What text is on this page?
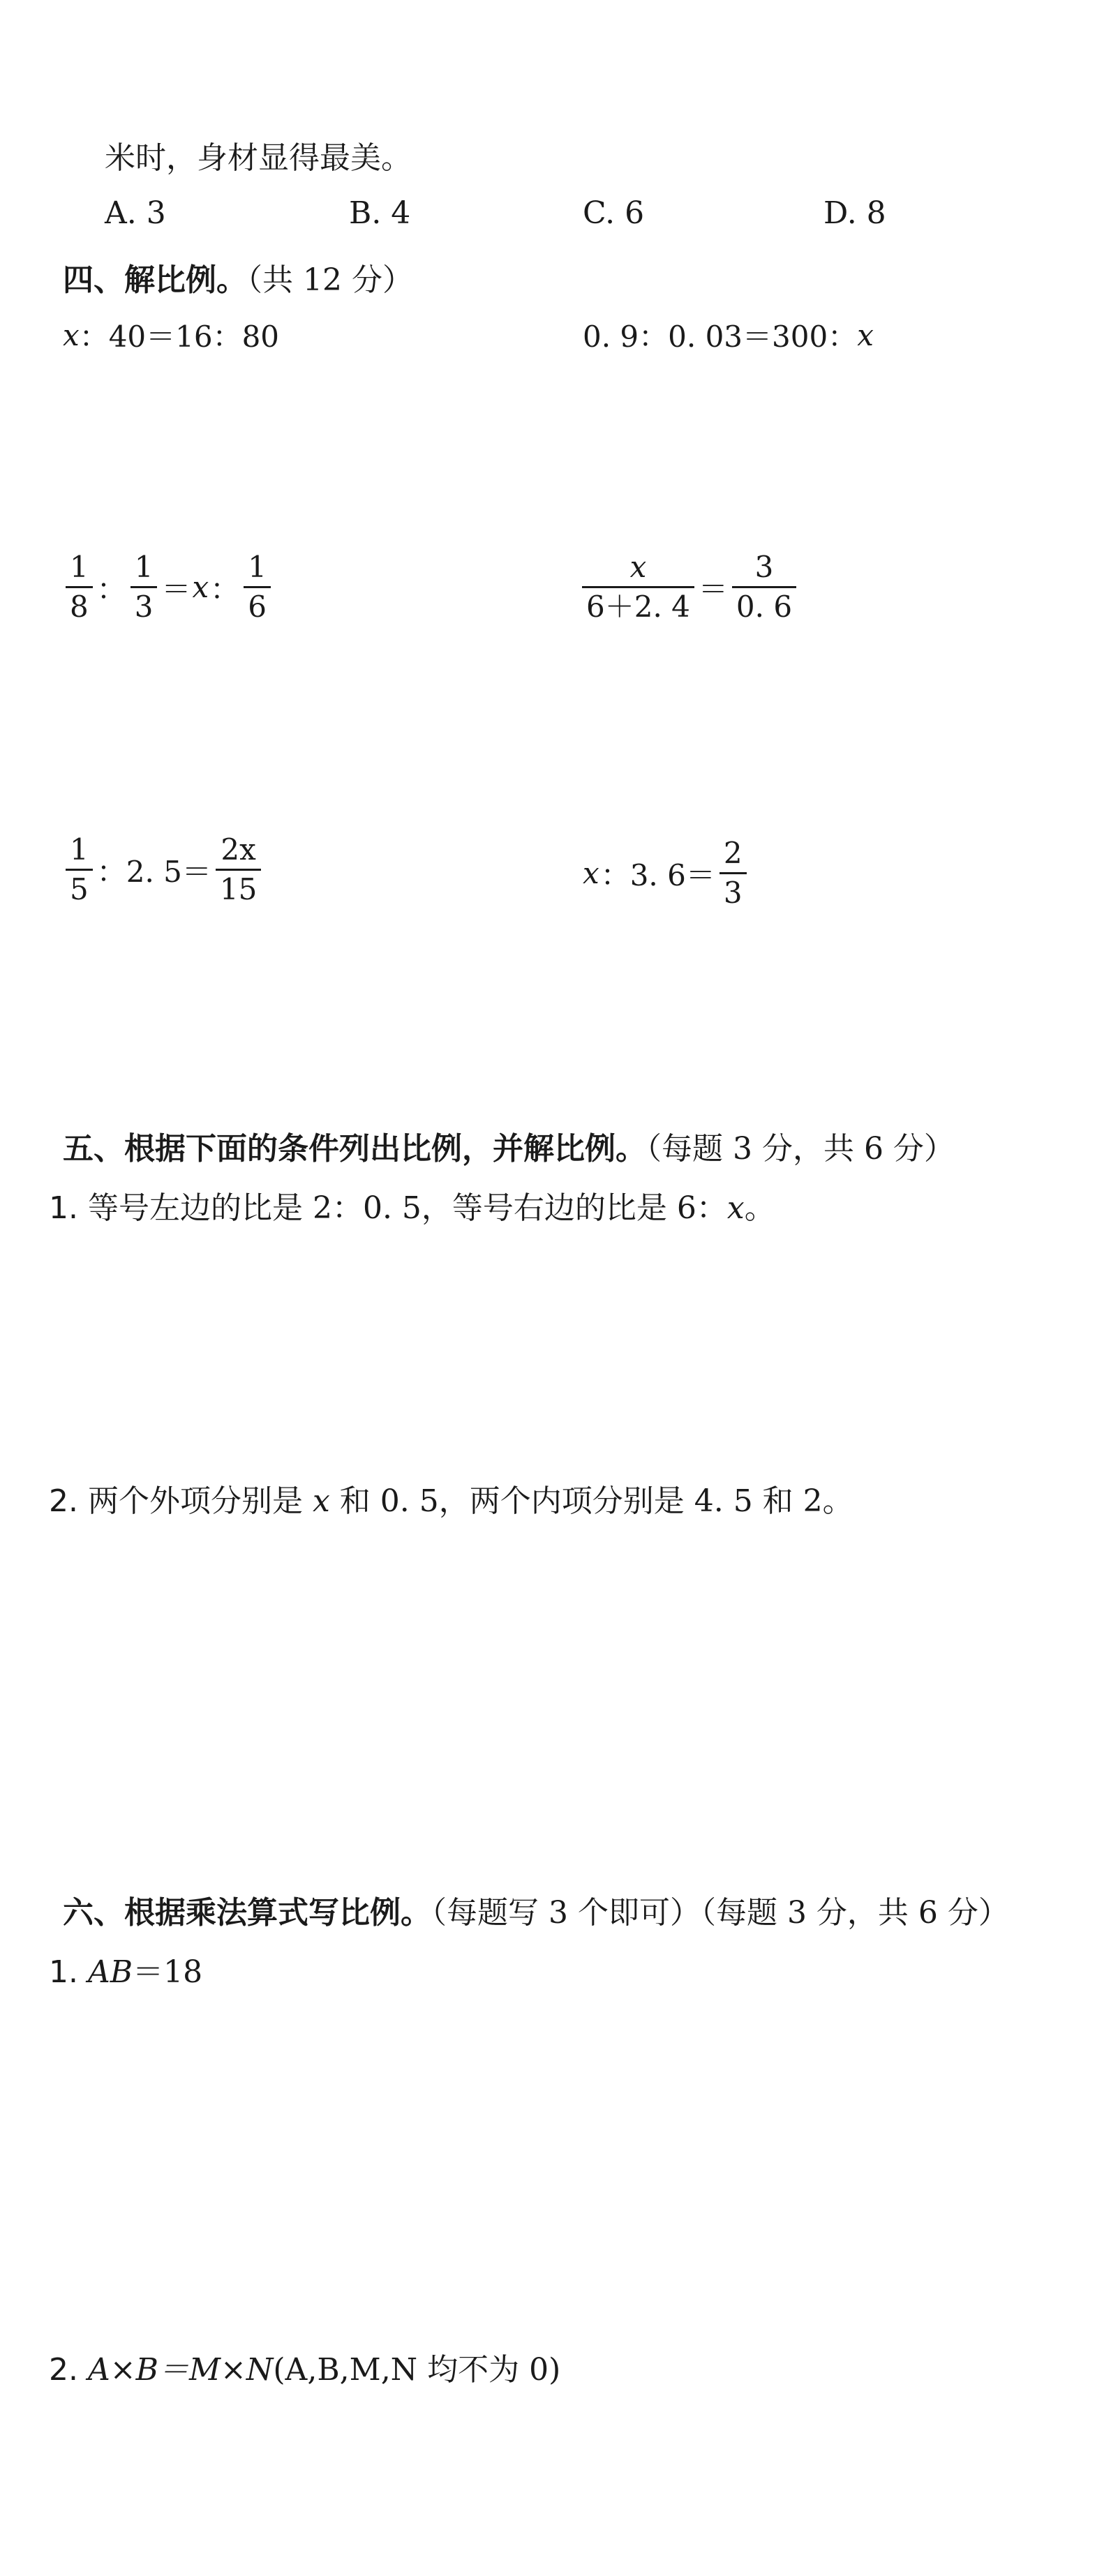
米时，身材显得最美。
A. 3	B. 4	C. 6	D. 8
四、解比例。（共 12 分）
x ：40＝16：80	0. 9：0. 03＝300： x
$\frac{1}{8}$ ： $\frac{1}{3} = x$ ： $\frac{1}{6}$	$\frac{x}{6+2. 4} = \frac{3}{0. 6}$
$\frac{1}{5}$ ：2. $5= \frac{2x}{15}$	x ：3. $6= \frac{2}{3}$
五、根据下面的条件列出比例，并解比例。（每题 3 分，共 6 分）
1. 等号左边的比是 2：0. 5，等号右边的比是 6：x。
2. 两个外项分别是 x 和 0. 5，两个内项分别是 4. 5 和 2。
六、根据乘法算式写比例。（每题写 3 个即可）（每题 3 分，共 6 分）
1. AB＝18
2. A×B＝M×N(A,B,M,N 均不为 0)
